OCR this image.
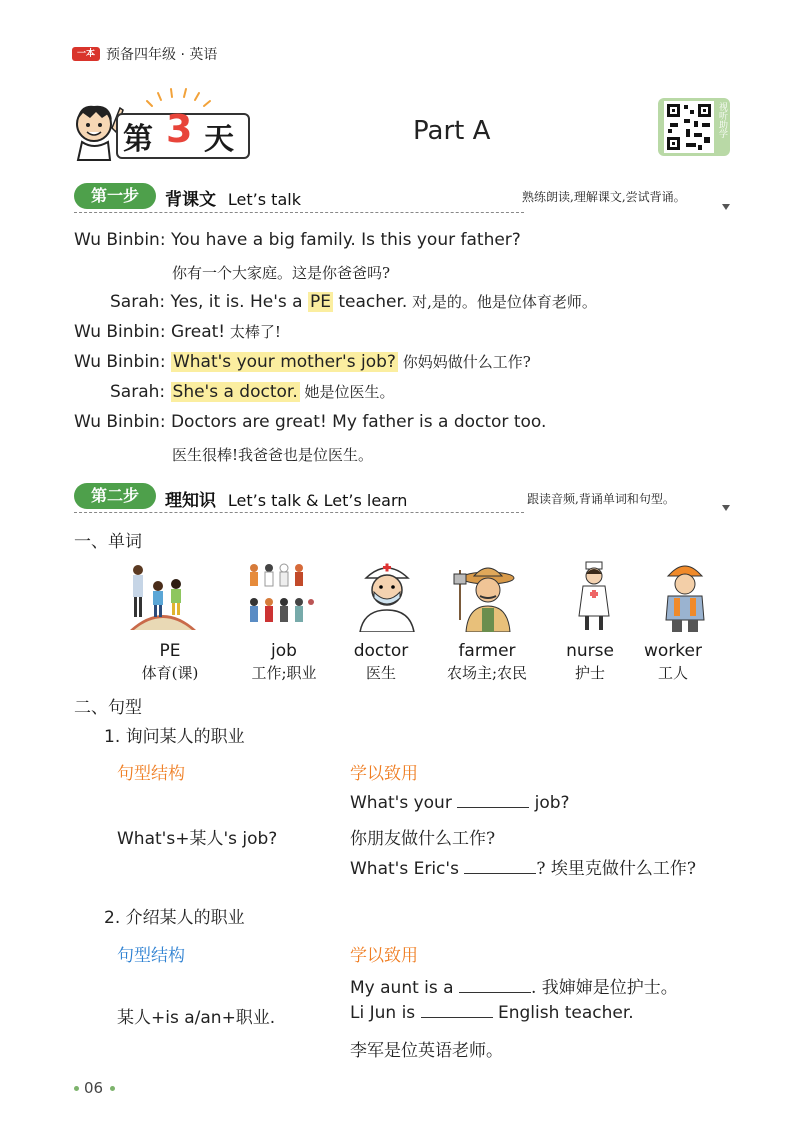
一本 预备四年级 · 英语
第 3 天	Part A	视听助学
第一步	背课文 Let’s talk	熟练朗读,理解课文,尝试背诵。
Wu Binbin: You have a big family. Is this your father?
你有一个大家庭。这是你爸爸吗?
Sarah: Yes, it is. He's a PE teacher. 对,是的。他是位体育老师。
Wu Binbin: Great! 太棒了!
Wu Binbin: What's your mother's job? 你妈妈做什么工作?
Sarah: She's a doctor. 她是位医生。
Wu Binbin: Doctors are great! My father is a doctor too.
医生很棒!我爸爸也是位医生。
第二步	理知识 Let’s talk & Let’s learn	跟读音频,背诵单词和句型。
一、单词
PE
体育(课)
job
工作;职业
doctor
医生
farmer
农场主;农民
nurse
护士
worker
工人
二、句型
1. 询问某人的职业
句型结构	学以致用
What's+某人's job?
What's your	job?
你朋友做什么工作?
What's Eric's	? 埃里克做什么工作?
2. 介绍某人的职业
句型结构	学以致用
某人+is a/an+职业.
My aunt is a	. 我婶婶是位护士。
Li Jun is	English teacher.
李军是位英语老师。
06
